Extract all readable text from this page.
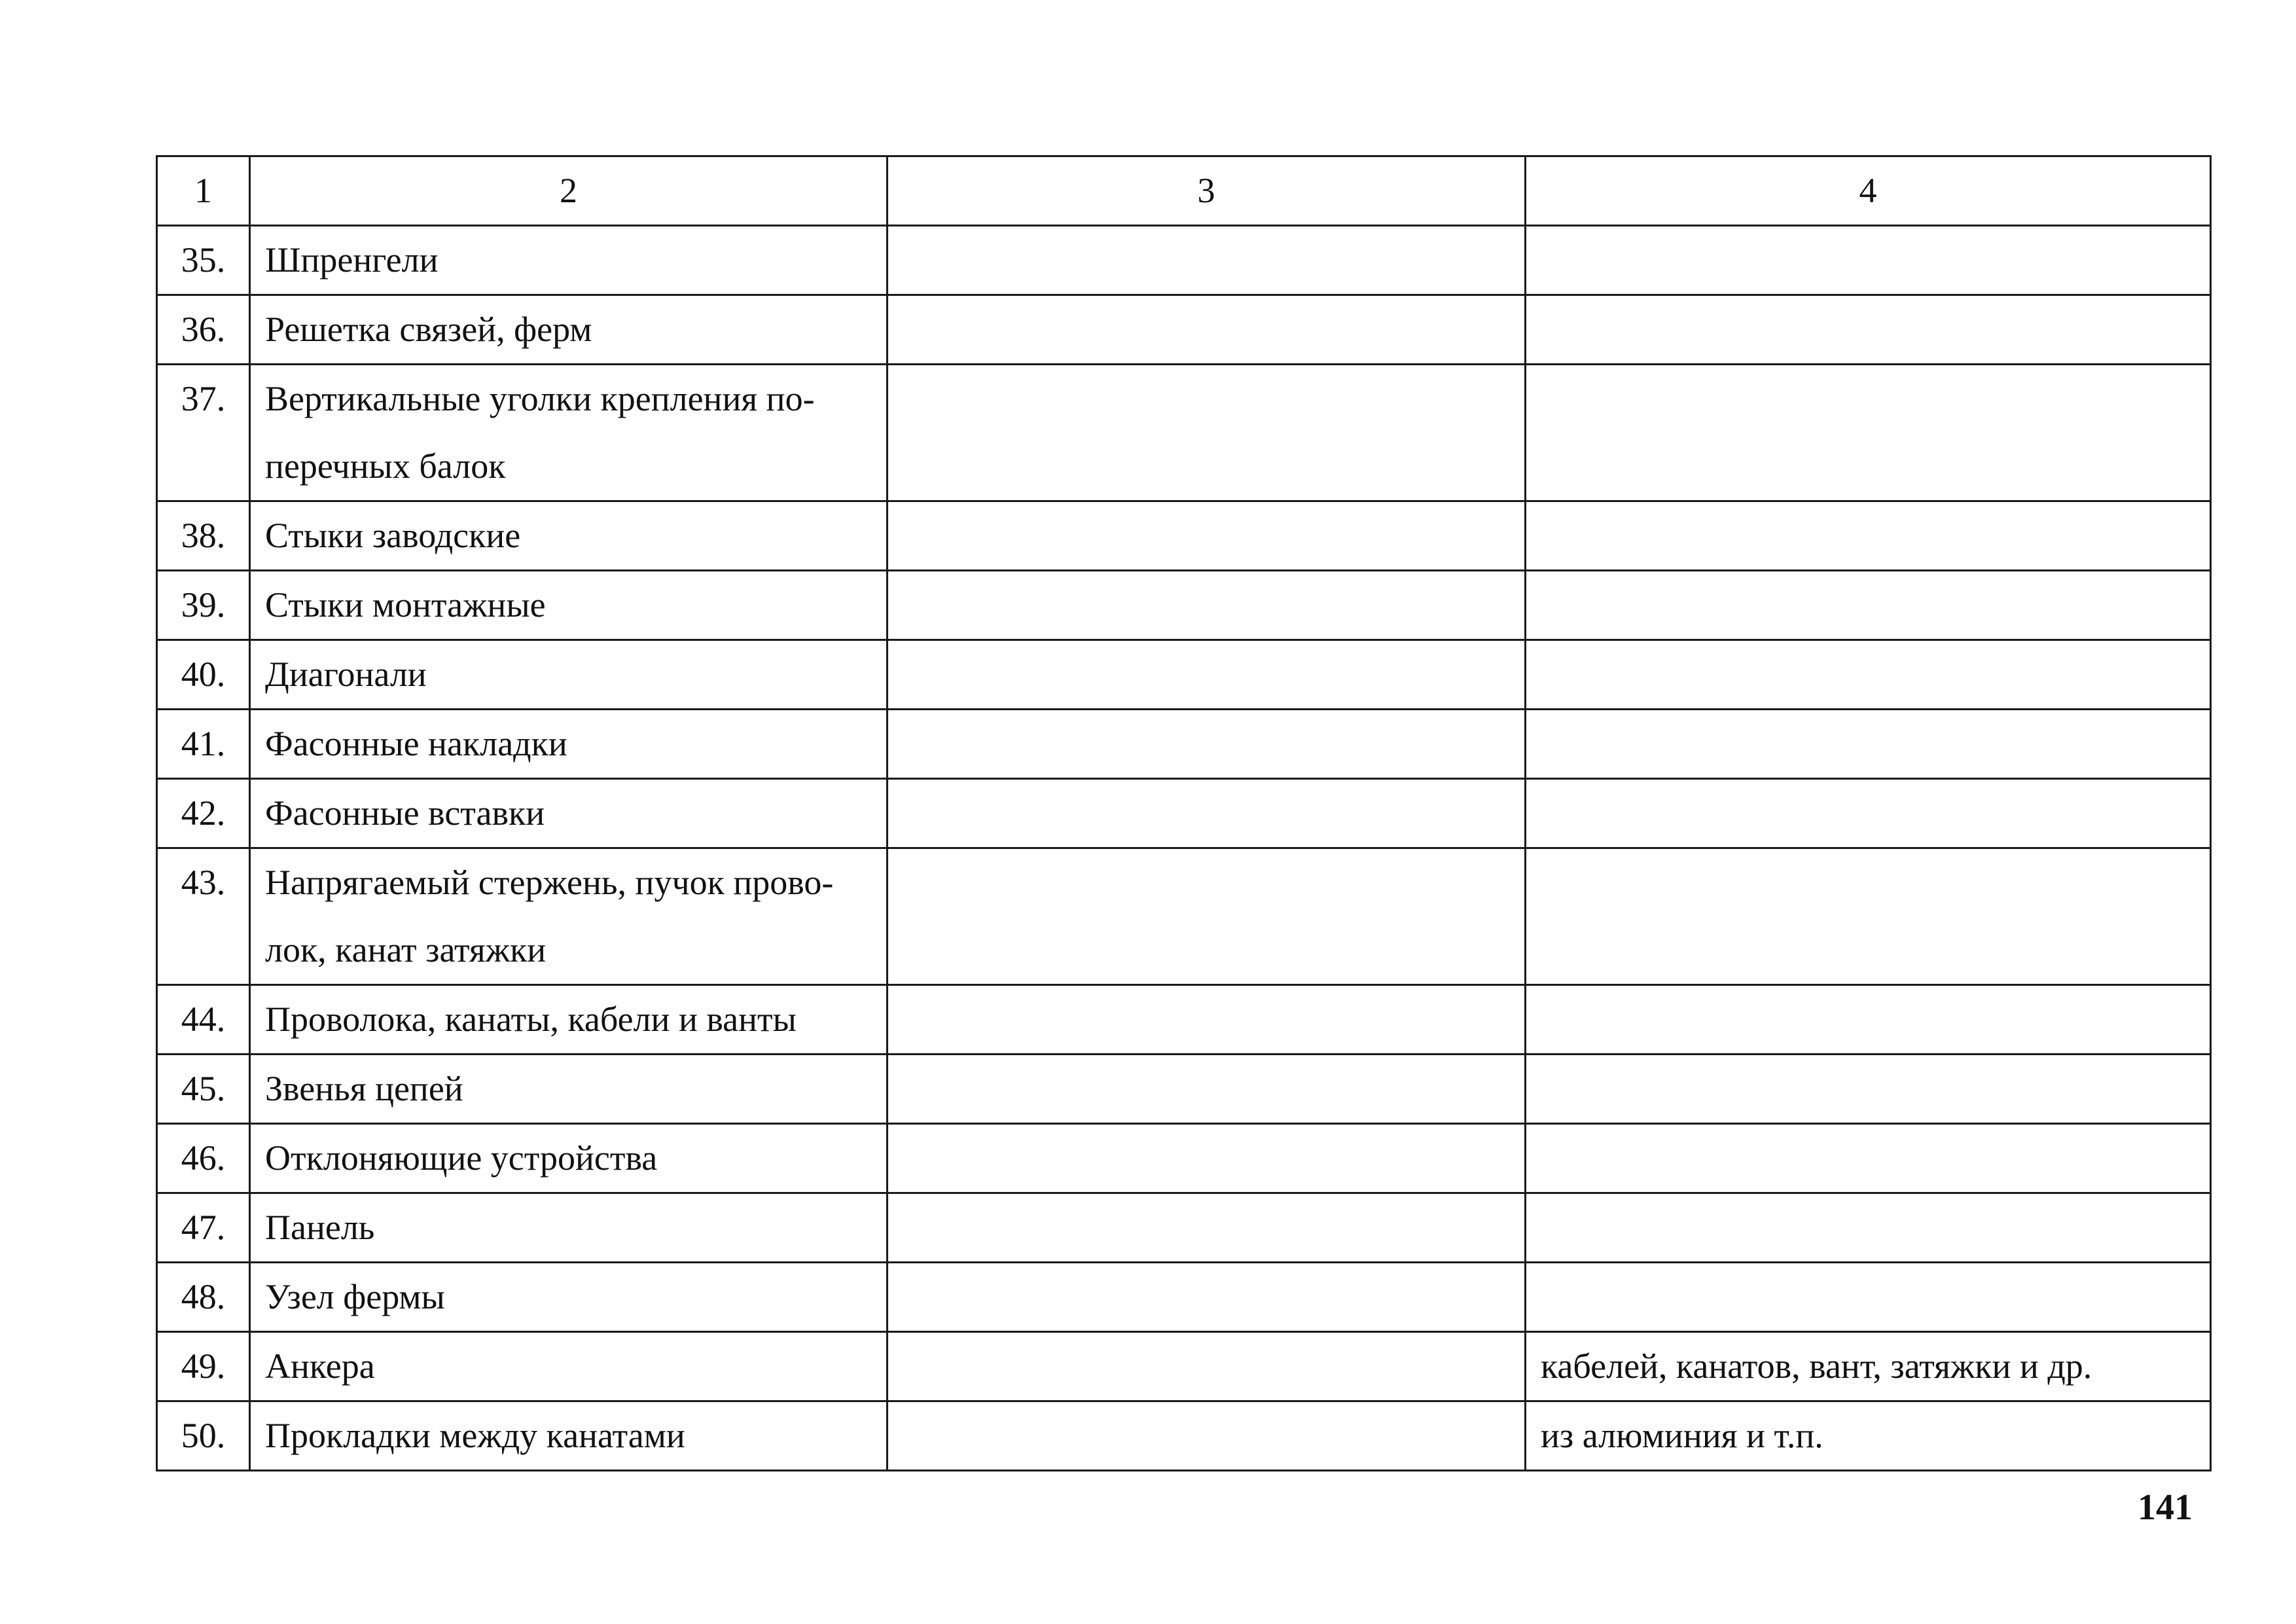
1	2	3	4
35.	Шпренгели		

36.	Решетка связей, ферм		

37.	Вертикальные уголки крепления по-
перечных балок		

38.	Стыки заводские		

39.	Стыки монтажные		

40.	Диагонали		

41.	Фасонные накладки		

42.	Фасонные вставки		

43.	Напрягаемый стержень, пучок прово-
лок, канат затяжки		

44.	Проволока, канаты, кабели и ванты		

45.	Звенья цепей		

46.	Отклоняющие устройства		

47.	Панель		

48.	Узел фермы		

49.	Анкера		кабелей, канатов, вант, затяжки и др.
50.	Прокладки между канатами		из алюминия и т.п.
141
